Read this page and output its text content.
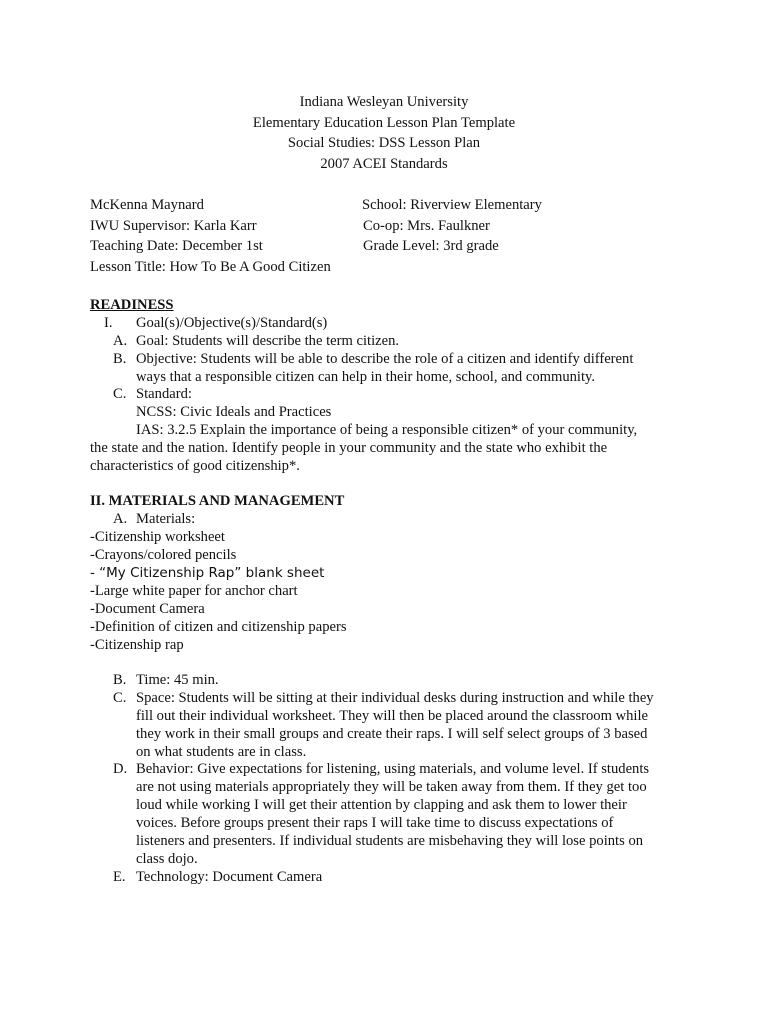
Indiana Wesleyan University
Elementary Education Lesson Plan Template
Social Studies: DSS Lesson Plan
2007 ACEI Standards
McKenna Maynard
IWU Supervisor: Karla Karr
Teaching Date: December 1st
Lesson Title: How To Be A Good Citizen
School: Riverview Elementary
Co-op: Mrs. Faulkner
Grade Level: 3rd grade
READINESS
I. Goal(s)/Objective(s)/Standard(s)
A. Goal: Students will describe the term citizen.
B. Objective: Students will be able to describe the role of a citizen and identify different
ways that a responsible citizen can help in their home, school, and community.
C. Standard:
NCSS: Civic Ideals and Practices
IAS: 3.2.5 Explain the importance of being a responsible citizen* of your community,
the state and the nation. Identify people in your community and the state who exhibit the
characteristics of good citizenship*.
II. MATERIALS AND MANAGEMENT
A. Materials:
-Citizenship worksheet
-Crayons/colored pencils
- “My Citizenship Rap” blank sheet
-Large white paper for anchor chart
-Document Camera
-Definition of citizen and citizenship papers
-Citizenship rap
B. Time: 45 min.
C. Space: Students will be sitting at their individual desks during instruction and while they
fill out their individual worksheet. They will then be placed around the classroom while
they work in their small groups and create their raps. I will self select groups of 3 based
on what students are in class.
D. Behavior: Give expectations for listening, using materials, and volume level. If students
are not using materials appropriately they will be taken away from them. If they get too
loud while working I will get their attention by clapping and ask them to lower their
voices. Before groups present their raps I will take time to discuss expectations of
listeners and presenters. If individual students are misbehaving they will lose points on
class dojo.
E. Technology: Document Camera
